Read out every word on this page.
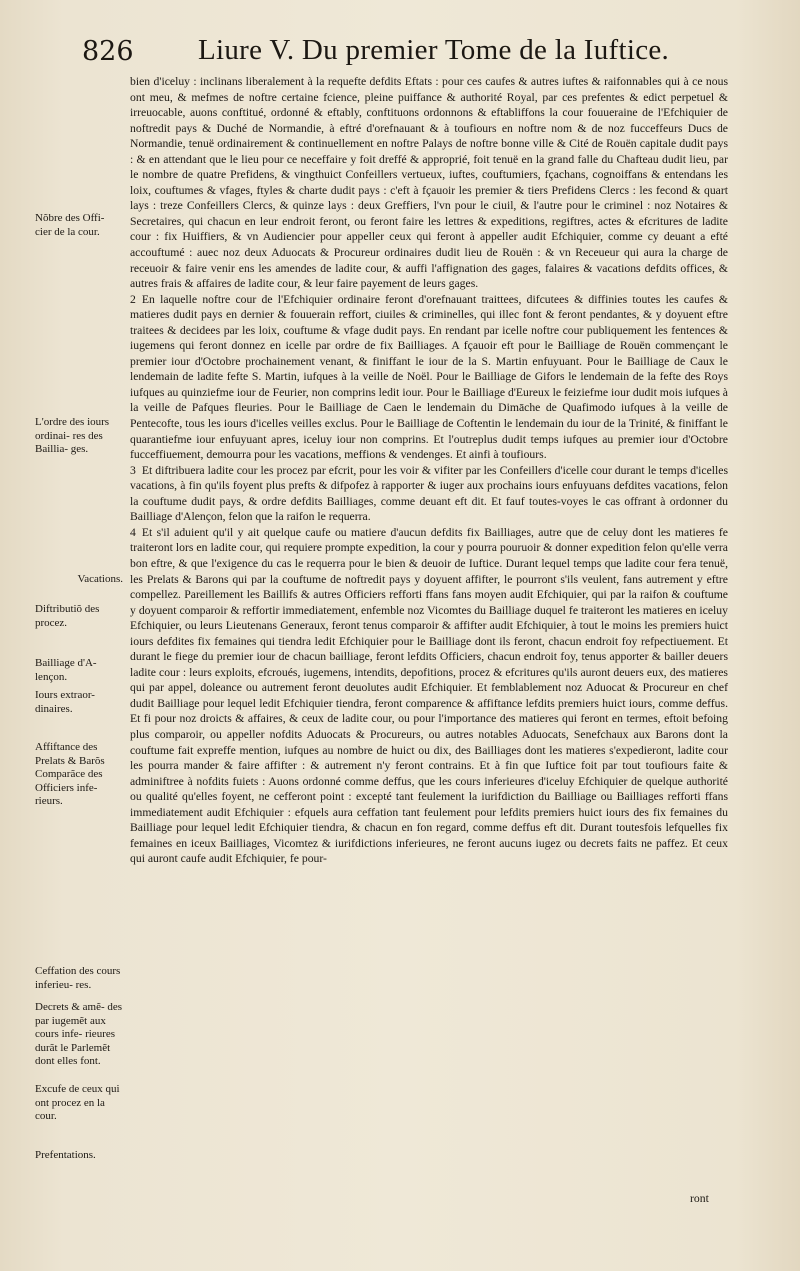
826 Liure V. Du premier Tome de la Iuftice.

bien d'iceluy : inclinans liberalement à la requefte defdits Eftats : pour ces caufes & autres iuftes & raifonnables qui à ce nous ont meu, & mefmes de noftre certaine fcience, pleine puiffance & authorité Royal, par ces prefentes & edict perpetuel & irreuocable, auons conftitué, ordonné & eftably, conftituons ordonnons & eftabliffons la cour fouueraine de l'Efchiquier de noftredit pays & Duché de Normandie, à eftré d'orefnauant & à toufiours en noftre nom & de noz fucceffeurs Ducs de Normandie, tenuë ordinairement & continuellement en noftre Palays de noftre bonne ville & Cité de Rouën capitale dudit pays : & en attendant que le lieu pour ce neceffaire y foit dreffé & approprié, foit tenuë en la grand falle du Chafteau dudit lieu, par le nombre de quatre Prefidens, & vingthuict Confeillers vertueux, iuftes, couftumiers, fçachans, cognoiffans & entendans les loix, couftumes & vfages, ftyles & charte dudit pays : c'eft à fçauoir les premier & tiers Prefidens Clercs : les fecond & quart lays : treze Confeillers Clercs, & quinze lays : deux Greffiers, l'vn pour le ciuil, & l'autre pour le criminel : noz Notaires & Secretaires, qui chacun en leur endroit feront, ou feront faire les lettres & expeditions, regiftres, actes & efcritures de ladite cour : fix Huiffiers, & vn Audiencier pour appeller ceux qui feront à appeller audit Efchiquier, comme cy deuant a efté accouftumé : auec noz deux Aduocats & Procureur ordinaires dudit lieu de Rouën : & vn Receueur qui aura la charge de receuoir & faire venir ens les amendes de ladite cour, & auffi l'affignation des gages, falaires & vacations defdits offices, & autres frais & affaires de ladite cour, & leur faire payement de leurs gages.

2 En laquelle noftre cour de l'Efchiquier ordinaire feront d'orefnauant traittees, difcutees & diffinies toutes les caufes & matieres dudit pays en dernier & fouuerain reffort, ciuiles & criminelles, qui illec font & feront pendantes, & y doyuent eftre traitees & decidees par les loix, couftume & vfage dudit pays. En rendant par icelle noftre cour publiquement les fentences & iugemens qui feront donnez en icelle par ordre de fix Bailliages. A fçauoir eft pour le Bailliage de Rouën commençant le premier iour d'Octobre prochainement venant, & finiffant le iour de la S. Martin enfuyuant. Pour le Bailliage de Caux le lendemain de ladite fefte S. Martin, iufques à la veille de Noël. Pour le Bailliage de Gifors le lendemain de la fefte des Roys iufques au quinziefme iour de Feurier, non comprins ledit iour. Pour le Bailliage d'Eureux le feiziefme iour dudit mois iufques à la veille de Pafques fleuries. Pour le Bailliage de Caen le lendemain du Dimāche de Quafimodo iufques à la veille de Pentecofte, tous les iours d'icelles veilles exclus. Pour le Bailliage de Coftentin le lendemain du iour de la Trinité, & finiffant le quarantiefme iour enfuyuant apres, iceluy iour non comprins. Et l'outreplus dudit temps iufques au premier iour d'Octobre fucceffiuement, demourra pour les vacations, meffions & vendenges. Et ainfi à toufiours.

3 Et diftribuera ladite cour les procez par efcrit, pour les voir & vifiter par les Confeillers d'icelle cour durant le temps d'icelles vacations, à fin qu'ils foyent plus prefts & difpofez à rapporter & iuger aux prochains iours enfuyuans defdites vacations, felon la couftume dudit pays, & ordre defdits Bailliages, comme deuant eft dit. Et fauf toutes-voyes le cas offrant à ordonner du Bailliage d'Alençon, felon que la raifon le requerra.

4 Et s'il aduient qu'il y ait quelque caufe ou matiere d'aucun defdits fix Bailliages, autre que de celuy dont les matieres fe traiteront lors en ladite cour, qui requiere prompte expedition, la cour y pourra pouruoir & donner expedition felon qu'elle verra bon eftre, & que l'exigence du cas le requerra pour le bien & deuoir de Iuftice. Durant lequel temps que ladite cour fera tenuë, les Prelats & Barons qui par la couftume de noftredit pays y doyuent affifter, le pourront s'ils veulent, fans autrement y eftre compellez. Pareillement les Baillifs & autres Officiers refforti ffans fans moyen audit Efchiquier, qui par la raifon & couftume y doyuent comparoir & reffortir immediatement, enfemble noz Vicomtes du Bailliage duquel fe traiteront les matieres en iceluy Efchiquier, ou leurs Lieutenans Generaux, feront tenus comparoir & affifter audit Efchiquier, à tout le moins les premiers huict iours defdites fix femaines qui tiendra ledit Efchiquier pour le Bailliage dont ils feront, chacun endroit foy refpectiuement. Et durant le fiege du premier iour de chacun bailliage, feront lefdits Officiers, chacun endroit foy, tenus apporter & bailler deuers ladite cour : leurs exploits, efcroués, iugemens, intendits, depofitions, procez & efcritures qu'ils auront deuers eux, des matieres qui par appel, doleance ou autrement feront deuolutes audit Efchiquier. Et femblablement noz Aduocat & Procureur en chef dudit Bailliage pour lequel ledit Efchiquier tiendra, feront comparence & affiftance lefdits premiers huict iours, comme deffus. Et fi pour noz droicts & affaires, & ceux de ladite cour, ou pour l'importance des matieres qui feront en termes, eftoit befoing plus comparoir, ou appeller nofdits Aduocats & Procureurs, ou autres notables Aduocats, Senefchaux aux Barons dont la couftume fait expreffe mention, iufques au nombre de huict ou dix, des Bailliages dont les matieres s'expedieront, ladite cour les pourra mander & faire affifter : & autrement n'y feront contrains. Et à fin que Iuftice foit par tout toufiours faite & adminiftree à nofdits fuiets : Auons ordonné comme deffus, que les cours inferieures d'iceluy Efchiquier de quelque authorité ou qualité qu'elles foyent, ne cefferont point : excepté tant feulement la iurifdiction du Bailliage ou Bailliages refforti ffans immediatement audit Efchiquier : efquels aura ceffation tant feulement pour lefdits premiers huict iours des fix femaines du Bailliage pour lequel ledit Efchiquier tiendra, & chacun en fon regard, comme deffus eft dit. Durant toutesfois lefquelles fix femaines en iceux Bailliages, Vicomtez & iurifdictions inferieures, ne feront aucuns iugez ou decrets faits ne paffez. Et ceux qui auront caufe audit Efchiquier, fe pour-

Nõbre des Offi- cier de la cour.
L'ordre des iours ordinai- res des Baillia- ges.
Vacations.
Diftributiõ des procez.
Bailliage d'A- lençon.
Iours extraor- dinaires.
Affiftance des Prelats & Barõs Comparãce des Officiers infe- rieurs.
Ceffation des cours inferieu- res.
Decrets & amẽ- des par iugemẽt aux cours infe- rieures durãt le Parlemẽt dont elles font.
Excufe de ceux qui ont procez en la cour.
Prefentations.
ront
